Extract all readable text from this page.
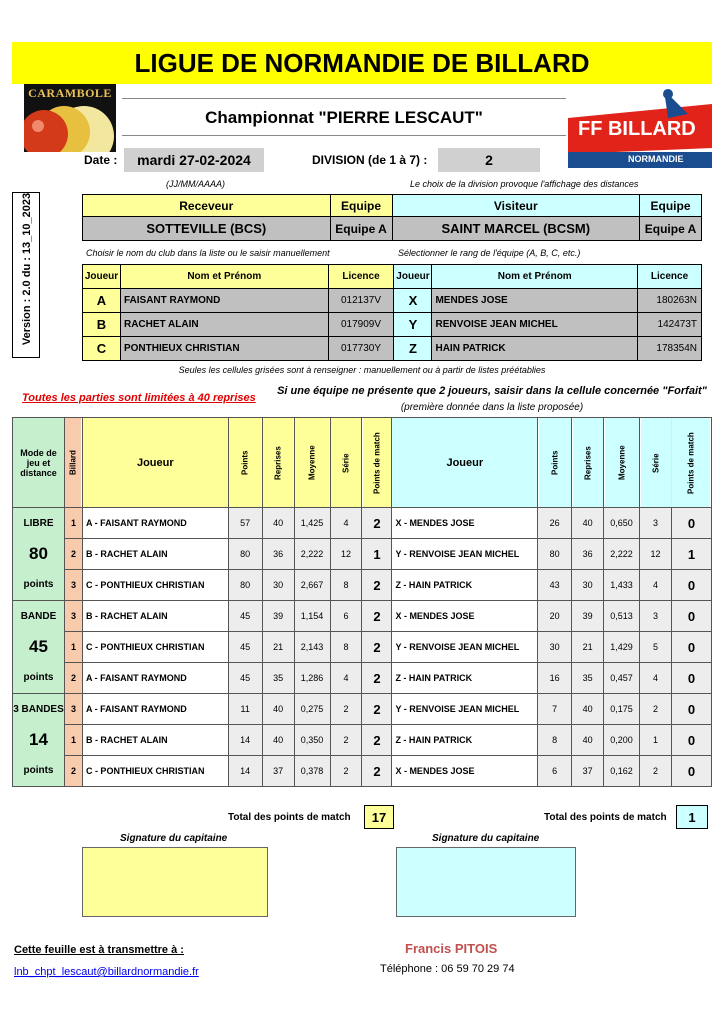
LIGUE DE NORMANDIE DE BILLARD
CARAMBOLE
FF BILLARD
NORMANDIE
Championnat "PIERRE LESCAUT"
Date :	mardi 27-02-2024	DIVISION (de 1 à 7) :	2
(JJ/MM/AAAA)	Le choix de la division provoque l'affichage des distances
Version : 2.0 du : 13_10_2023	Receveur	Equipe	Visiteur	Equipe
SOTTEVILLE (BCS)	Equipe A	SAINT MARCEL (BCSM)	Equipe A
Choisir le nom du club dans la liste ou le saisir manuellement	Sélectionner le rang de l'équipe (A, B, C, etc.)
Joueur	Nom et Prénom	Licence	Joueur	Nom et Prénom	Licence
A	FAISANT RAYMOND	012137V	X	MENDES JOSE	180263N
B	RACHET ALAIN	017909V	Y	RENVOISE JEAN MICHEL	142473T
C	PONTHIEUX CHRISTIAN	017730Y	Z	HAIN PATRICK	178354N
Seules les cellules grisées sont à renseigner : manuellement ou à partir de listes préétablies
Toutes les parties sont limitées à 40 reprises
Si une équipe ne présente que 2 joueurs, saisir dans la cellule concernée "Forfait"
(première donnée dans la liste proposée)
Mode de jeu et distance	Billard	Joueur	Points	Reprises	Moyenne	Série	Points de match	Joueur	Points	Reprises	Moyenne	Série	Points de match
LIBRE	1	A - FAISANT RAYMOND	57	40	1,425	4	2	X - MENDES JOSE	26	40	0,650	3	0
80	2	B - RACHET ALAIN	80	36	2,222	12	1	Y - RENVOISE JEAN MICHEL	80	36	2,222	12	1
points	3	C - PONTHIEUX CHRISTIAN	80	30	2,667	8	2	Z - HAIN PATRICK	43	30	1,433	4	0
BANDE	3	B - RACHET ALAIN	45	39	1,154	6	2	X - MENDES JOSE	20	39	0,513	3	0
45	1	C - PONTHIEUX CHRISTIAN	45	21	2,143	8	2	Y - RENVOISE JEAN MICHEL	30	21	1,429	5	0
points	2	A - FAISANT RAYMOND	45	35	1,286	4	2	Z - HAIN PATRICK	16	35	0,457	4	0
3 BANDES	3	A - FAISANT RAYMOND	11	40	0,275	2	2	Y - RENVOISE JEAN MICHEL	7	40	0,175	2	0
14	1	B - RACHET ALAIN	14	40	0,350	2	2	Z - HAIN PATRICK	8	40	0,200	1	0
points	2	C - PONTHIEUX CHRISTIAN	14	37	0,378	2	2	X - MENDES JOSE	6	37	0,162	2	0
Total des points de match	17	Total des points de match	1
Signature du capitaine	Signature du capitaine
Cette feuille est à transmettre à :	Francis PITOIS
lnb_chpt_lescaut@billardnormandie.fr	Téléphone : 06 59 70 29 74
